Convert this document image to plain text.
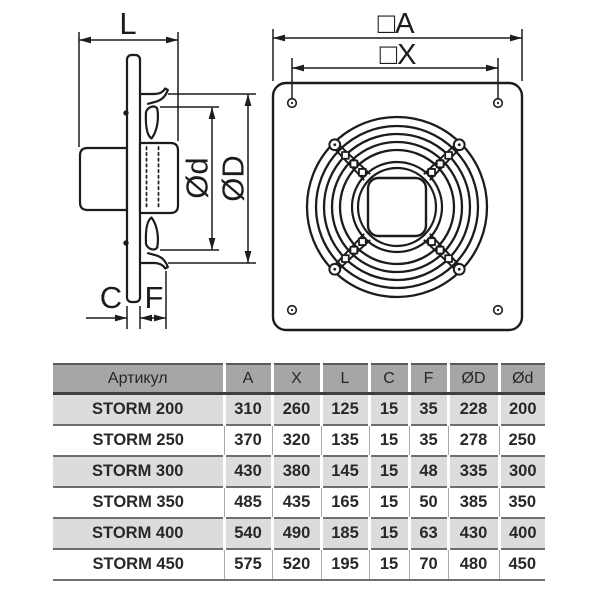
L
C F
Ød ØD
□A
□X
Артикул	A	X	L	C	F	ØD	Ød
STORM 200	310	260	125	15	35	228	200
STORM 250	370	320	135	15	35	278	250
STORM 300	430	380	145	15	48	335	300
STORM 350	485	435	165	15	50	385	350
STORM 400	540	490	185	15	63	430	400
STORM 450	575	520	195	15	70	480	450
